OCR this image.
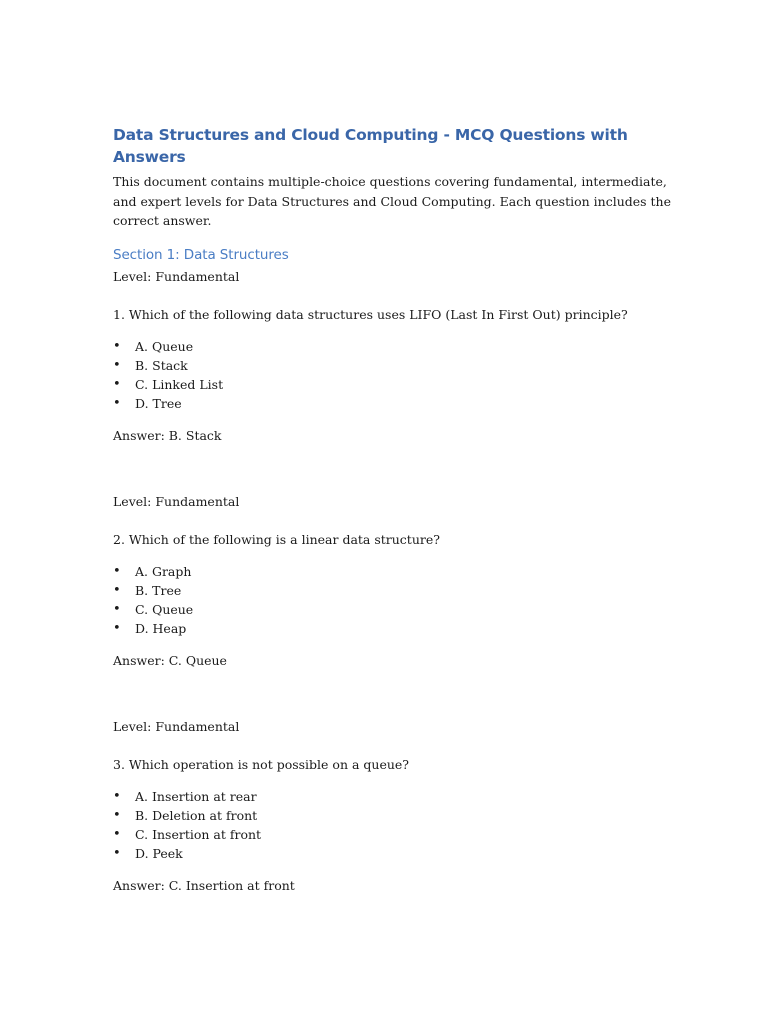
Data Structures and Cloud Computing - MCQ Questions with Answers

This document contains multiple-choice questions covering fundamental, intermediate, and expert levels for Data Structures and Cloud Computing. Each question includes the correct answer.

Section 1: Data Structures

Level: Fundamental

1. Which of the following data structures uses LIFO (Last In First Out) principle?

• A. Queue
• B. Stack
• C. Linked List
• D. Tree

Answer: B. Stack

Level: Fundamental

2. Which of the following is a linear data structure?

• A. Graph
• B. Tree
• C. Queue
• D. Heap

Answer: C. Queue

Level: Fundamental

3. Which operation is not possible on a queue?

• A. Insertion at rear
• B. Deletion at front
• C. Insertion at front
• D. Peek

Answer: C. Insertion at front
